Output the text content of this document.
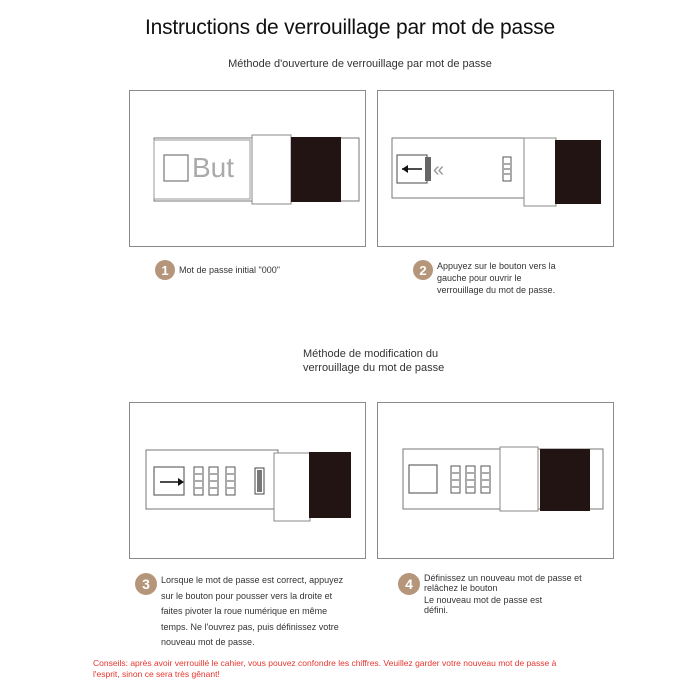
Instructions de verrouillage par mot de passe
Méthode d'ouverture de verrouillage par mot de passe
But	«
1	Mot de passe initial "000"	2	Appuyez sur le bouton vers la
gauche pour ouvrir le
verrouillage du mot de passe.
Méthode de modification du
verrouillage du mot de passe
3	Lorsque le mot de passe est correct, appuyez
sur le bouton pour pousser vers la droite et
faites pivoter la roue numérique en même
temps. Ne l'ouvrez pas, puis définissez votre
nouveau mot de passe.
4	Définissez un nouveau mot de passe et
relâchez le bouton
Le nouveau mot de passe est
défini.
Conseils: après avoir verrouillé le cahier, vous pouvez confondre les chiffres. Veuillez garder votre nouveau mot de passe à
l'esprit, sinon ce sera très gênant!
